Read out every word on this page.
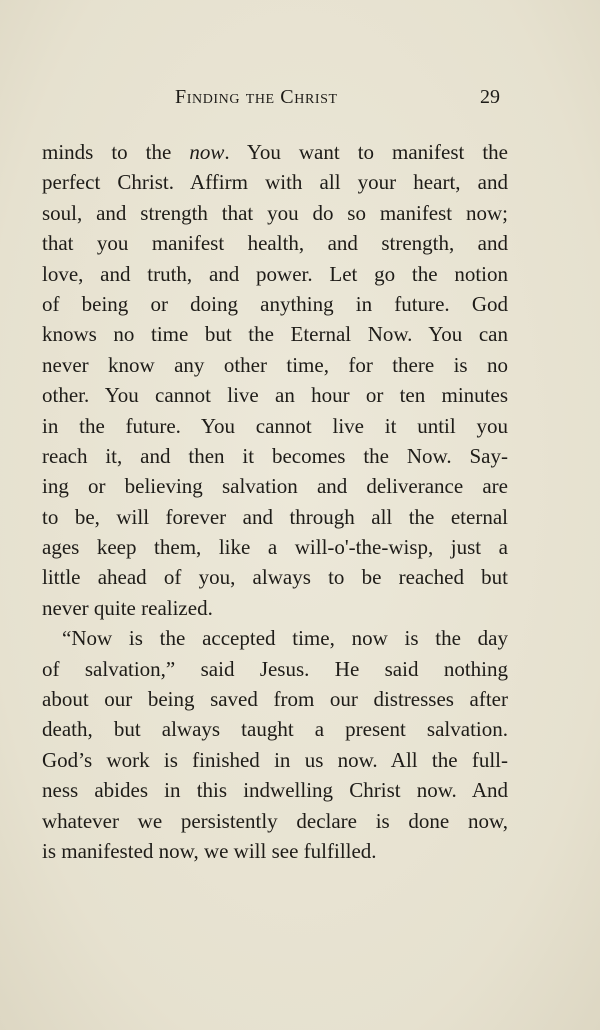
Finding the Christ	29
minds to the now. You want to manifest the
perfect Christ. Affirm with all your heart, and
soul, and strength that you do so manifest now;
that you manifest health, and strength, and
love, and truth, and power. Let go the notion
of being or doing anything in future. God
knows no time but the Eternal Now. You can
never know any other time, for there is no
other. You cannot live an hour or ten minutes
in the future. You cannot live it until you
reach it, and then it becomes the Now. Say-
ing or believing salvation and deliverance are
to be, will forever and through all the eternal
ages keep them, like a will-o'-the-wisp, just a
little ahead of you, always to be reached but
never quite realized.
“Now is the accepted time, now is the day
of salvation,” said Jesus. He said nothing
about our being saved from our distresses after
death, but always taught a present salvation.
God’s work is finished in us now. All the full-
ness abides in this indwelling Christ now. And
whatever we persistently declare is done now,
is manifested now, we will see fulfilled.
